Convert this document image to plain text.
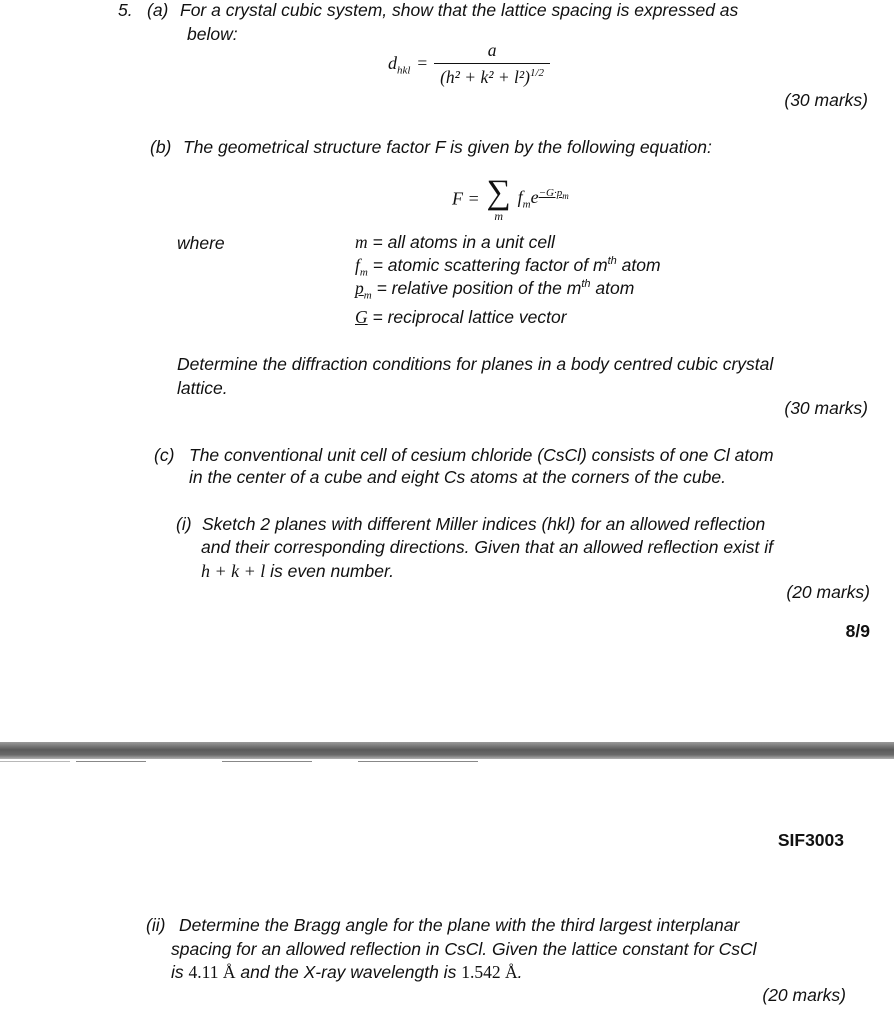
5. (a) For a crystal cubic system, show that the lattice spacing is expressed as
below:
$d_{hkl} = \frac{a}{(h^2 + k^2 + l^2)^{1/2}}$
(30 marks)
(b) The geometrical structure factor F is given by the following equation:
F = ∑
m
$f_me^{-G\cdot p_m}$
where	m = all atoms in a unit cell
$f_m$ = atomic scattering factor of $m^{th}$ atom
$p_m$ = relative position of the $m^{th}$ atom
G = reciprocal lattice vector
Determine the diffraction conditions for planes in a body centred cubic crystal
lattice.
(30 marks)
(c) The conventional unit cell of cesium chloride (CsCl) consists of one Cl atom
in the center of a cube and eight Cs atoms at the corners of the cube.
(i) Sketch 2 planes with different Miller indices (hkl) for an allowed reflection
and their corresponding directions. Given that an allowed reflection exist if
h + k + l is even number.
(20 marks)
8/9
SIF3003
(ii) Determine the Bragg angle for the plane with the third largest interplanar
spacing for an allowed reflection in CsCl. Given the lattice constant for CsCl
is 4.11 Å and the X-ray wavelength is 1.542 Å.
(20 marks)
